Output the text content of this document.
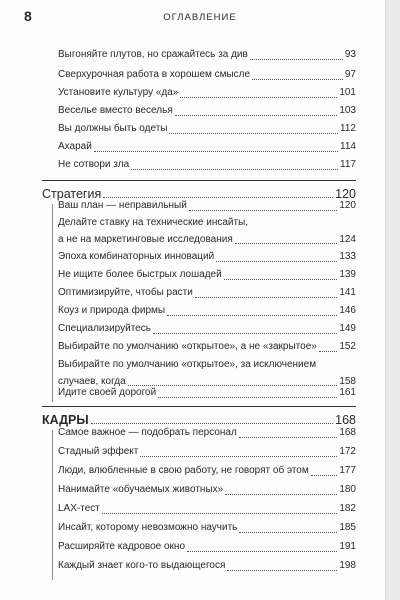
8	ОГЛАВЛЕНИЕ
Выгоняйте плутов, но сражайтесь за див	93
Сверхурочная работа в хорошем смысле	97
Установите культуру «да»	101
Веселье вместо веселья	103
Вы должны быть одеты	112
Ахарай	114
Не сотвори зла	117
Стратегия	120
Ваш план — неправильный	120
Делайте ставку на технические инсайты,
а не на маркетинговые исследования	124
Эпоха комбинаторных инноваций	133
Не ищите более быстрых лошадей	139
Оптимизируйте, чтобы расти	141
Коуз и природа фирмы	146
Специализируйтесь	149
Выбирайте по умолчанию «открытое», а не «закрытое» 152
Выбирайте по умолчанию «открытое», за исключением
случаев, когда	158
Идите своей дорогой	161
КАДРЫ	168
Самое важное — подобрать персонал	168
Стадный эффект	172
Люди, влюбленные в свою работу, не говорят об этом	177
Нанимайте «обучаемых животных»	180
LAX-тест	182
Инсайт, которому невозможно научить	185
Расширяйте кадровое окно	191
Каждый знает кого-то выдающегося	198
